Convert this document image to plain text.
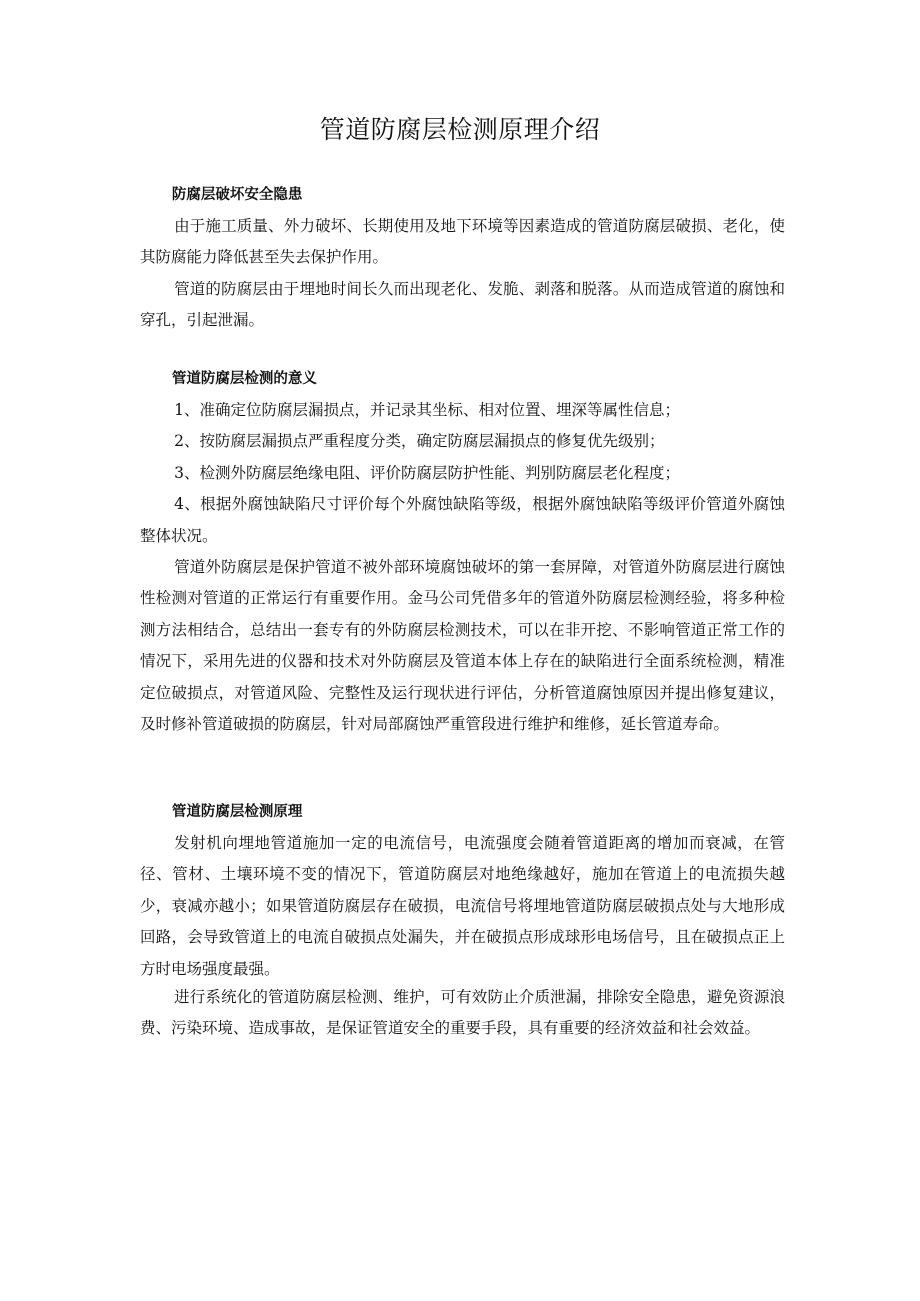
管道防腐层检测原理介绍

防腐层破坏安全隐患

由于施工质量、外力破坏、长期使用及地下环境等因素造成的管道防腐层破损、老化，使其防腐能力降低甚至失去保护作用。

管道的防腐层由于埋地时间长久而出现老化、发脆、剥落和脱落。从而造成管道的腐蚀和穿孔，引起泄漏。

管道防腐层检测的意义

1、准确定位防腐层漏损点，并记录其坐标、相对位置、埋深等属性信息；

2、按防腐层漏损点严重程度分类，确定防腐层漏损点的修复优先级别；

3、检测外防腐层绝缘电阻、评价防腐层防护性能、判别防腐层老化程度；

4、根据外腐蚀缺陷尺寸评价每个外腐蚀缺陷等级，根据外腐蚀缺陷等级评价管道外腐蚀整体状况。

管道外防腐层是保护管道不被外部环境腐蚀破坏的第一套屏障，对管道外防腐层进行腐蚀性检测对管道的正常运行有重要作用。金马公司凭借多年的管道外防腐层检测经验，将多种检测方法相结合，总结出一套专有的外防腐层检测技术，可以在非开挖、不影响管道正常工作的情况下，采用先进的仪器和技术对外防腐层及管道本体上存在的缺陷进行全面系统检测，精准定位破损点，对管道风险、完整性及运行现状进行评估，分析管道腐蚀原因并提出修复建议，及时修补管道破损的防腐层，针对局部腐蚀严重管段进行维护和维修，延长管道寿命。

管道防腐层检测原理

发射机向埋地管道施加一定的电流信号，电流强度会随着管道距离的增加而衰减，在管径、管材、土壤环境不变的情况下，管道防腐层对地绝缘越好，施加在管道上的电流损失越少，衰减亦越小；如果管道防腐层存在破损，电流信号将埋地管道防腐层破损点处与大地形成回路，会导致管道上的电流自破损点处漏失，并在破损点形成球形电场信号，且在破损点正上方时电场强度最强。

进行系统化的管道防腐层检测、维护，可有效防止介质泄漏，排除安全隐患，避免资源浪费、污染环境、造成事故，是保证管道安全的重要手段，具有重要的经济效益和社会效益。
